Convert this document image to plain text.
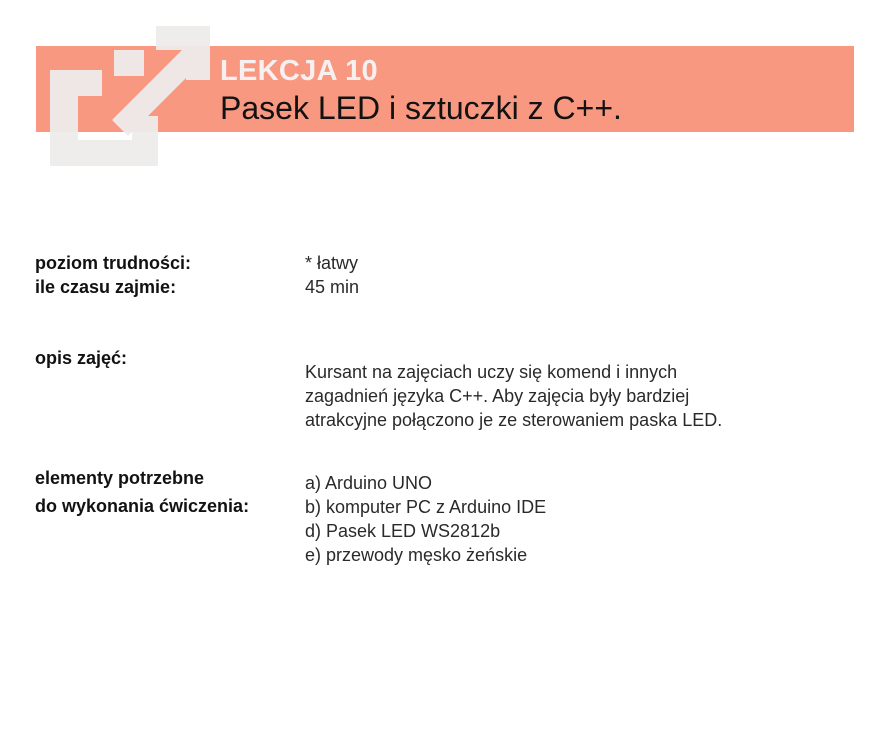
LEKCJA 10
Pasek LED i sztuczki z C++.
poziom trudności:	* łatwy
ile czasu zajmie:	45 min
opis zajęć:
Kursant na zajęciach uczy się komend i innych
zagadnień języka C++. Aby zajęcia były bardziej
atrakcyjne połączono je ze sterowaniem paska LED.
elementy potrzebne
do wykonania ćwiczenia:
a) Arduino UNO
b) komputer PC z Arduino IDE
d) Pasek LED WS2812b
e) przewody męsko żeńskie
